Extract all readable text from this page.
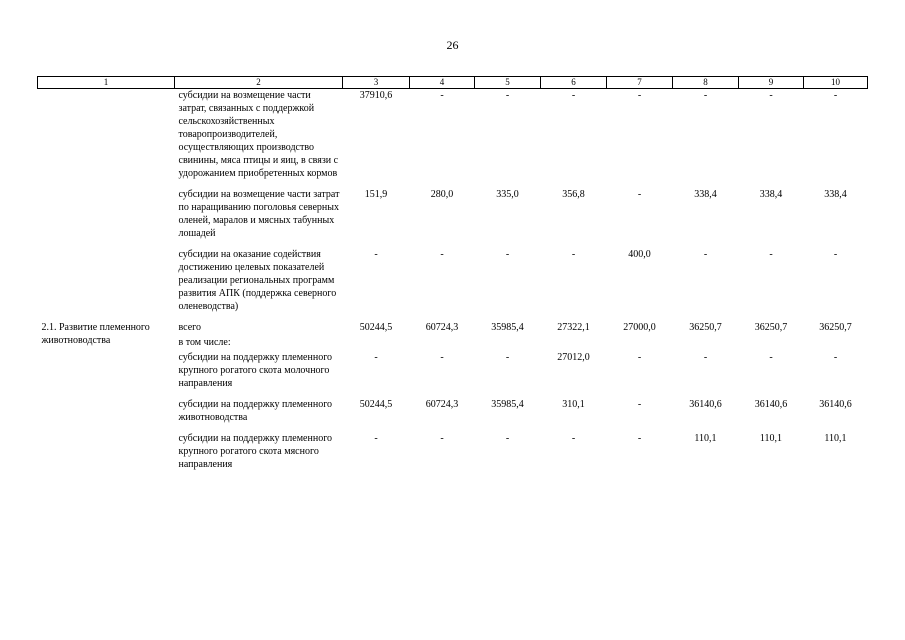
26
1	2	3	4	5	6	7	8	9	10
	субсидии на возмещение части затрат, связанных с поддержкой сельскохозяйственных товаропроизводителей, осуществляющих производство свинины, мяса птицы и яиц, в связи с удорожанием приобретенных кормов	37910,6	-	-	-	-	-	-	-
	субсидии на возмещение части затрат по наращиванию поголовья северных оленей, маралов и мясных табунных лошадей	151,9	280,0	335,0	356,8	-	338,4	338,4	338,4
	субсидии на оказание содействия достижению целевых показателей реализации региональных программ развития АПК (поддержка северного оленеводства)	-	-	-	-	400,0	-	-	-
2.1. Развитие племенного животноводства	всего	50244,5	60724,3	35985,4	27322,1	27000,0	36250,7	36250,7	36250,7
	в том числе:								
	субсидии на поддержку племенного крупного рогатого скота молочного направления	-	-	-	27012,0	-	-	-	-
	субсидии на поддержку племенного животноводства	50244,5	60724,3	35985,4	310,1	-	36140,6	36140,6	36140,6
	субсидии на поддержку племенного крупного рогатого скота мясного направления	-	-	-	-	-	110,1	110,1	110,1
